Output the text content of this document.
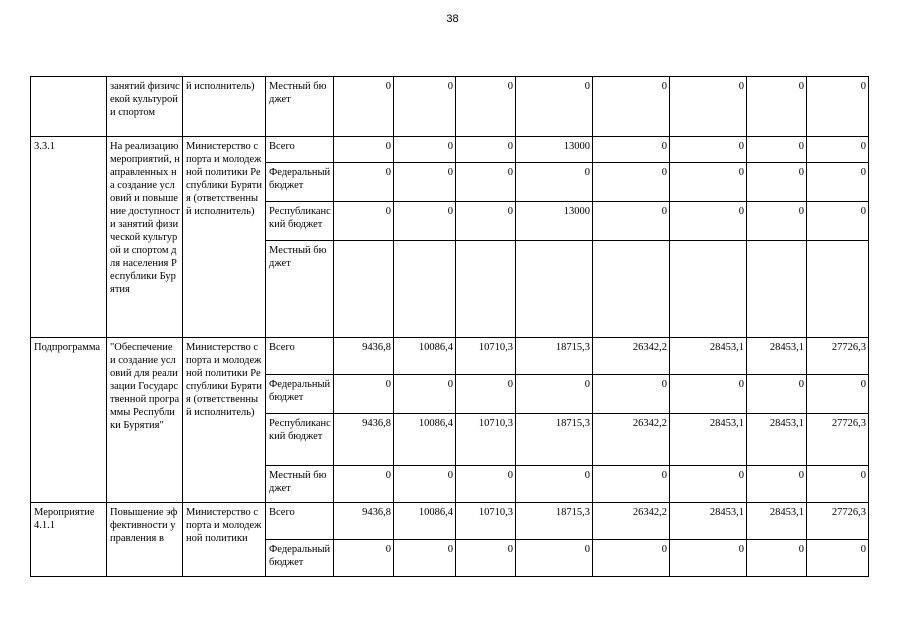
38
	занятий физичсекой культурой и спортом	й исполнитель)	Местный бюджет	0	0	0	0	0	0	0	0
3.3.1	На реализацию мероприятий, направленных на создание условий и повышение доступности занятий физической культурой и спортом для населения Республики Бурятия	Министерство спорта и молодежной политики Республики Бурятия (ответственный исполнитель)	Всего	0	0	0	13000	0	0	0	0
			Федеральный бюджет	0	0	0	0	0	0	0	0
			Республиканский бюджет	0	0	0	13000	0	0	0	0
			Местный бюджет								
Подпрограмма	"Обеспечение и создание условий для реализации Государственной программы Республики Бурятия"	Министерство спорта и молодежной политики Республики Бурятия (ответственный исполнитель)	Всего	9436,8	10086,4	10710,3	18715,3	26342,2	28453,1	28453,1	27726,3
			Федеральный бюджет	0	0	0	0	0	0	0	0
			Республиканский бюджет	9436,8	10086,4	10710,3	18715,3	26342,2	28453,1	28453,1	27726,3
			Местный бюджет	0	0	0	0	0	0	0	0
Мероприятие 4.1.1	Повышение эффективности управления в	Министерство спорта и молодежной политики	Всего	9436,8	10086,4	10710,3	18715,3	26342,2	28453,1	28453,1	27726,3
			Федеральный бюджет	0	0	0	0	0	0	0	0
